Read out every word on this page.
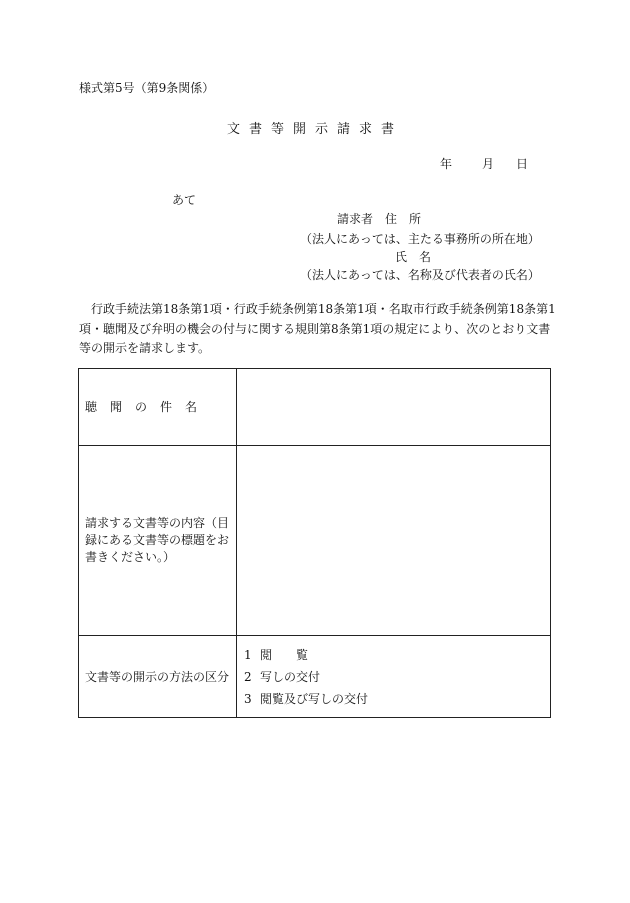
様式第5号（第9条関係）
文書等開示請求書
年	月 日
あて
請求者　住　所
（法人にあっては、主たる事務所の所在地）
氏　名
（法人にあっては、名称及び代表者の氏名）
行政手続法第18条第1項・行政手続条例第18条第1項・名取市行政手続条例第18条第1項・聴聞及び弁明の機会の付与に関する規則第8条第1項の規定により、次のとおり文書等の開示を請求します。
聴聞の件名	
請求する文書等の内容（目録にある文書等の標題をお書きください。）	
文書等の開示の方法の区分	1 閲　　覧
2 写しの交付
3 閲覧及び写しの交付
